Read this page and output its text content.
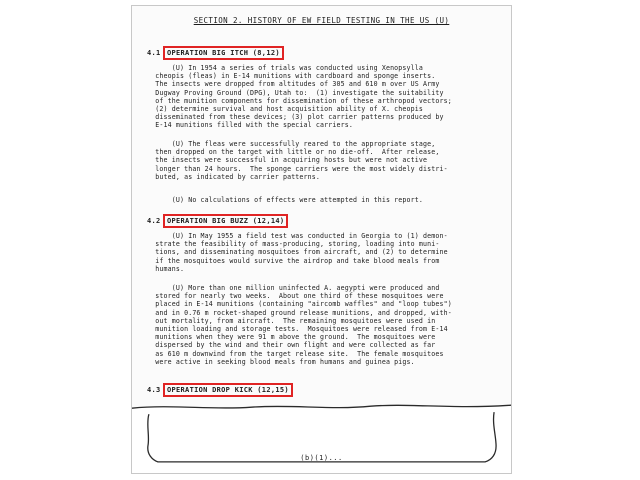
SECTION 2. HISTORY OF EW FIELD TESTING IN THE US (U)
4.1 OPERATION BIG ITCH (8,12)
(U) In 1954 a series of trials was conducted using Xenopsylla
cheopis (fleas) in E-14 munitions with cardboard and sponge inserts.
The insects were dropped from altitudes of 305 and 610 m over US Army
Dugway Proving Ground (DPG), Utah to:  (1) investigate the suitability
of the munition components for dissemination of these arthropod vectors;
(2) determine survival and host acquisition ability of X. cheopis
disseminated from these devices; (3) plot carrier patterns produced by
E-14 munitions filled with the special carriers.
(U) The fleas were successfully reared to the appropriate stage,
then dropped on the target with little or no die-off.  After release,
the insects were successful in acquiring hosts but were not active
longer than 24 hours.  The sponge carriers were the most widely distri-
buted, as indicated by carrier patterns.
(U) No calculations of effects were attempted in this report.
4.2 OPERATION BIG BUZZ (12,14)
(U) In May 1955 a field test was conducted in Georgia to (1) demon-
strate the feasibility of mass-producing, storing, loading into muni-
tions, and disseminating mosquitoes from aircraft, and (2) to determine
if the mosquitoes would survive the airdrop and take blood meals from
humans.
(U) More than one million uninfected A. aegypti were produced and
stored for nearly two weeks.  About one third of these mosquitoes were
placed in E-14 munitions (containing "aircomb waffles" and "loop tubes")
and in 0.76 m rocket-shaped ground release munitions, and dropped, with-
out mortality, from aircraft.  The remaining mosquitoes were used in
munition loading and storage tests.  Mosquitoes were released from E-14
munitions when they were 91 m above the ground.  The mosquitoes were
dispersed by the wind and their own flight and were collected as far
as 610 m downwind from the target release site.  The female mosquitoes
were active in seeking blood meals from humans and guinea pigs.
4.3 OPERATION DROP KICK (12,15)
(b)(1)...
